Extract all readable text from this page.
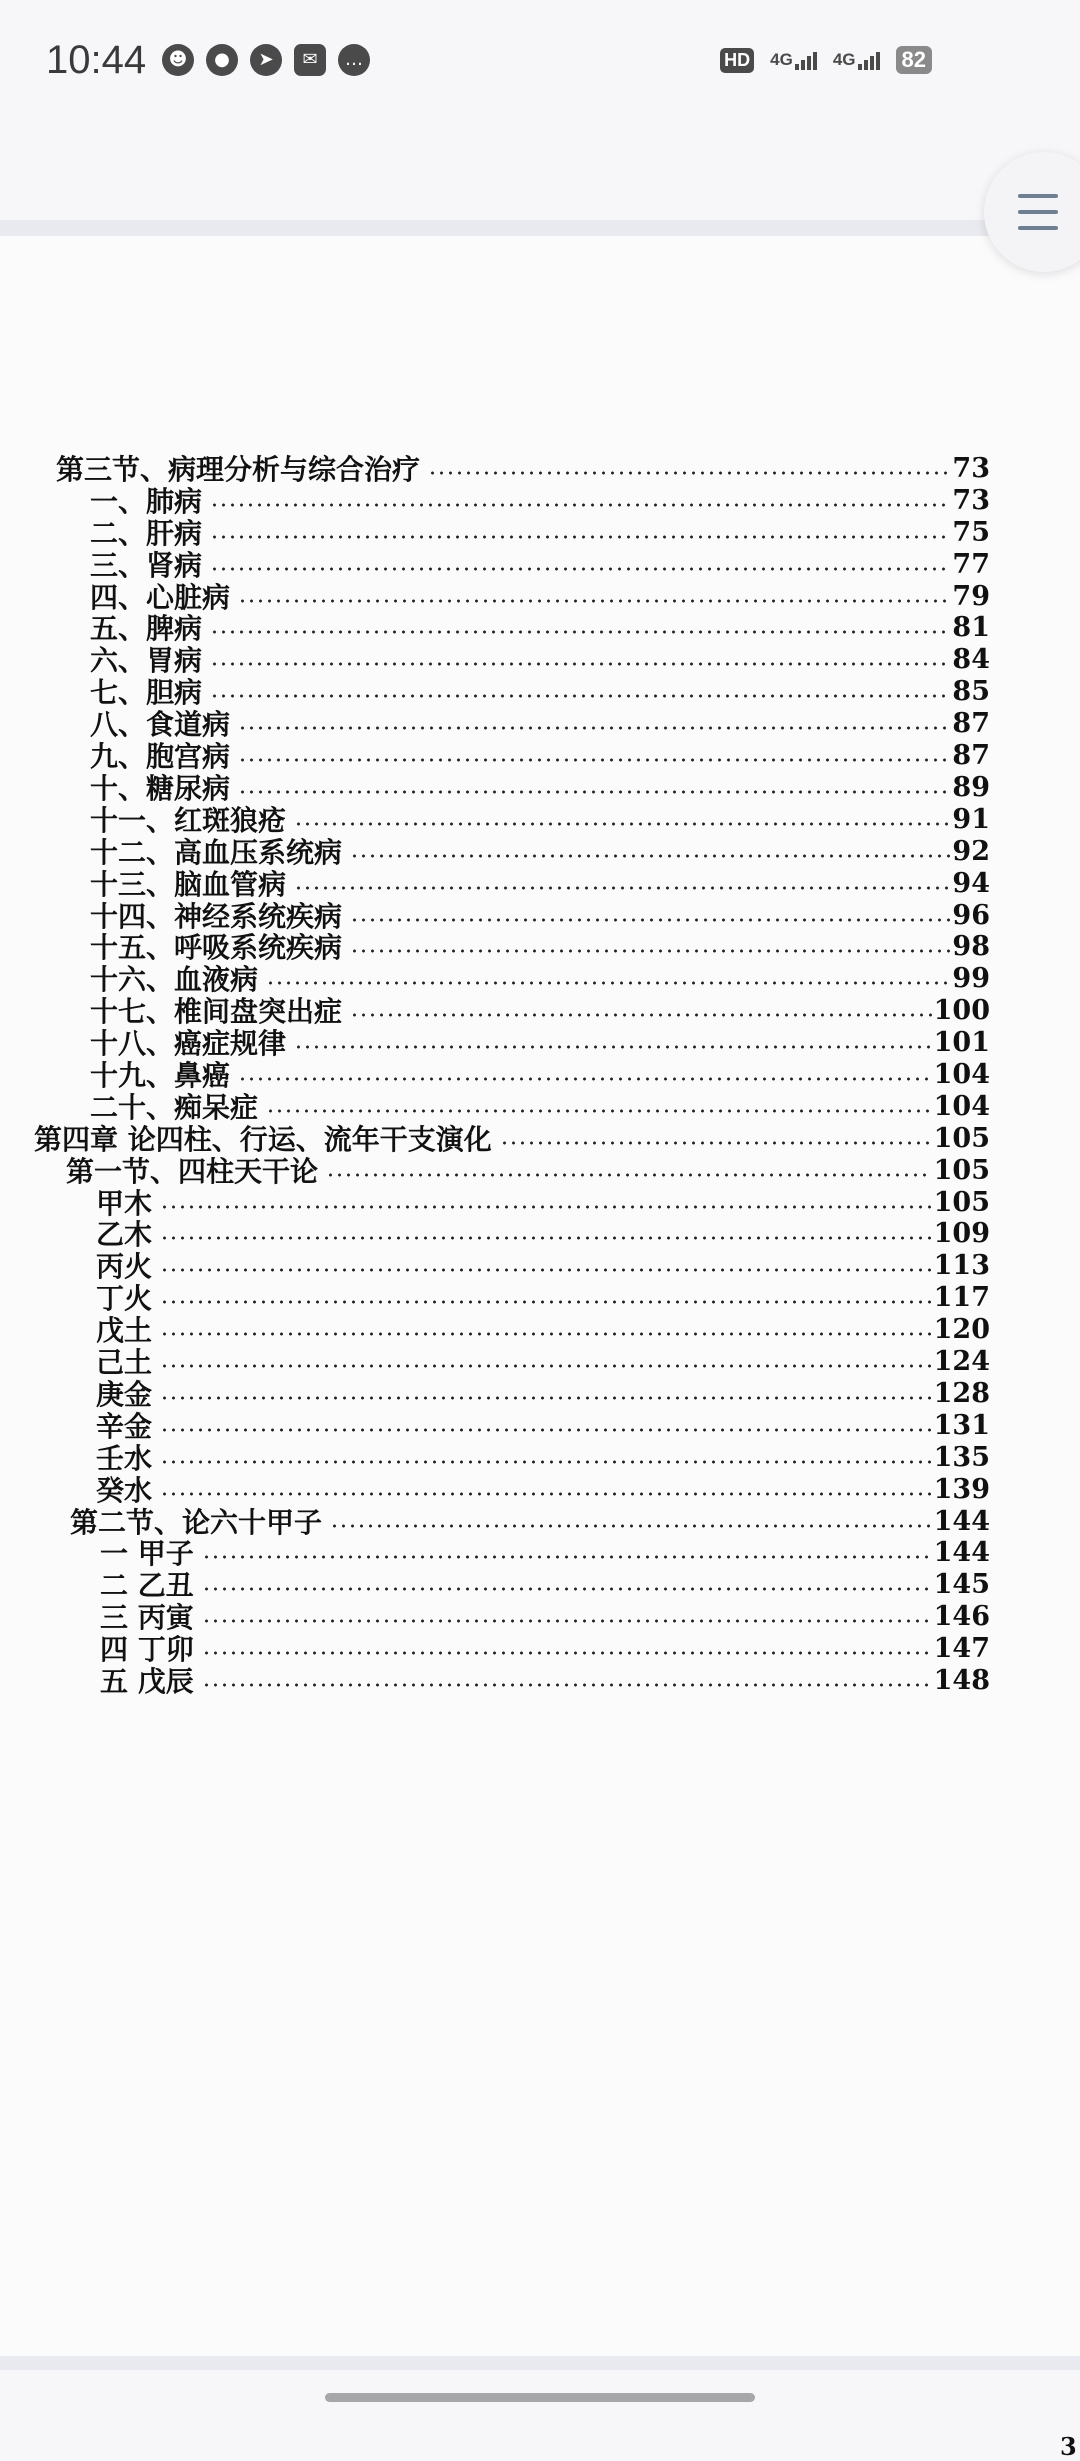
10:44	☻	●	➤	✉	…	HD 4G 4G 82
第三节、病理分析与综合治疗	73
一、肺病	73
二、肝病	75
三、肾病	77
四、心脏病	79
五、脾病	81
六、胃病	84
七、胆病	85
八、食道病	87
九、胞宫病	87
十、糖尿病	89
十一、红斑狼疮	91
十二、高血压系统病	92
十三、脑血管病	94
十四、神经系统疾病	96
十五、呼吸系统疾病	98
十六、血液病	99
十七、椎间盘突出症	100
十八、癌症规律	101
十九、鼻癌	104
二十、痴呆症	104
第四章 论四柱、行运、流年干支演化	105
第一节、四柱天干论	105
甲木	105
乙木	109
丙火	113
丁火	117
戊土	120
己土	124
庚金	128
辛金	131
壬水	135
癸水	139
第二节、论六十甲子	144
一 甲子	144
二 乙丑	145
三 丙寅	146
四 丁卯	147
五 戊辰	148
3
